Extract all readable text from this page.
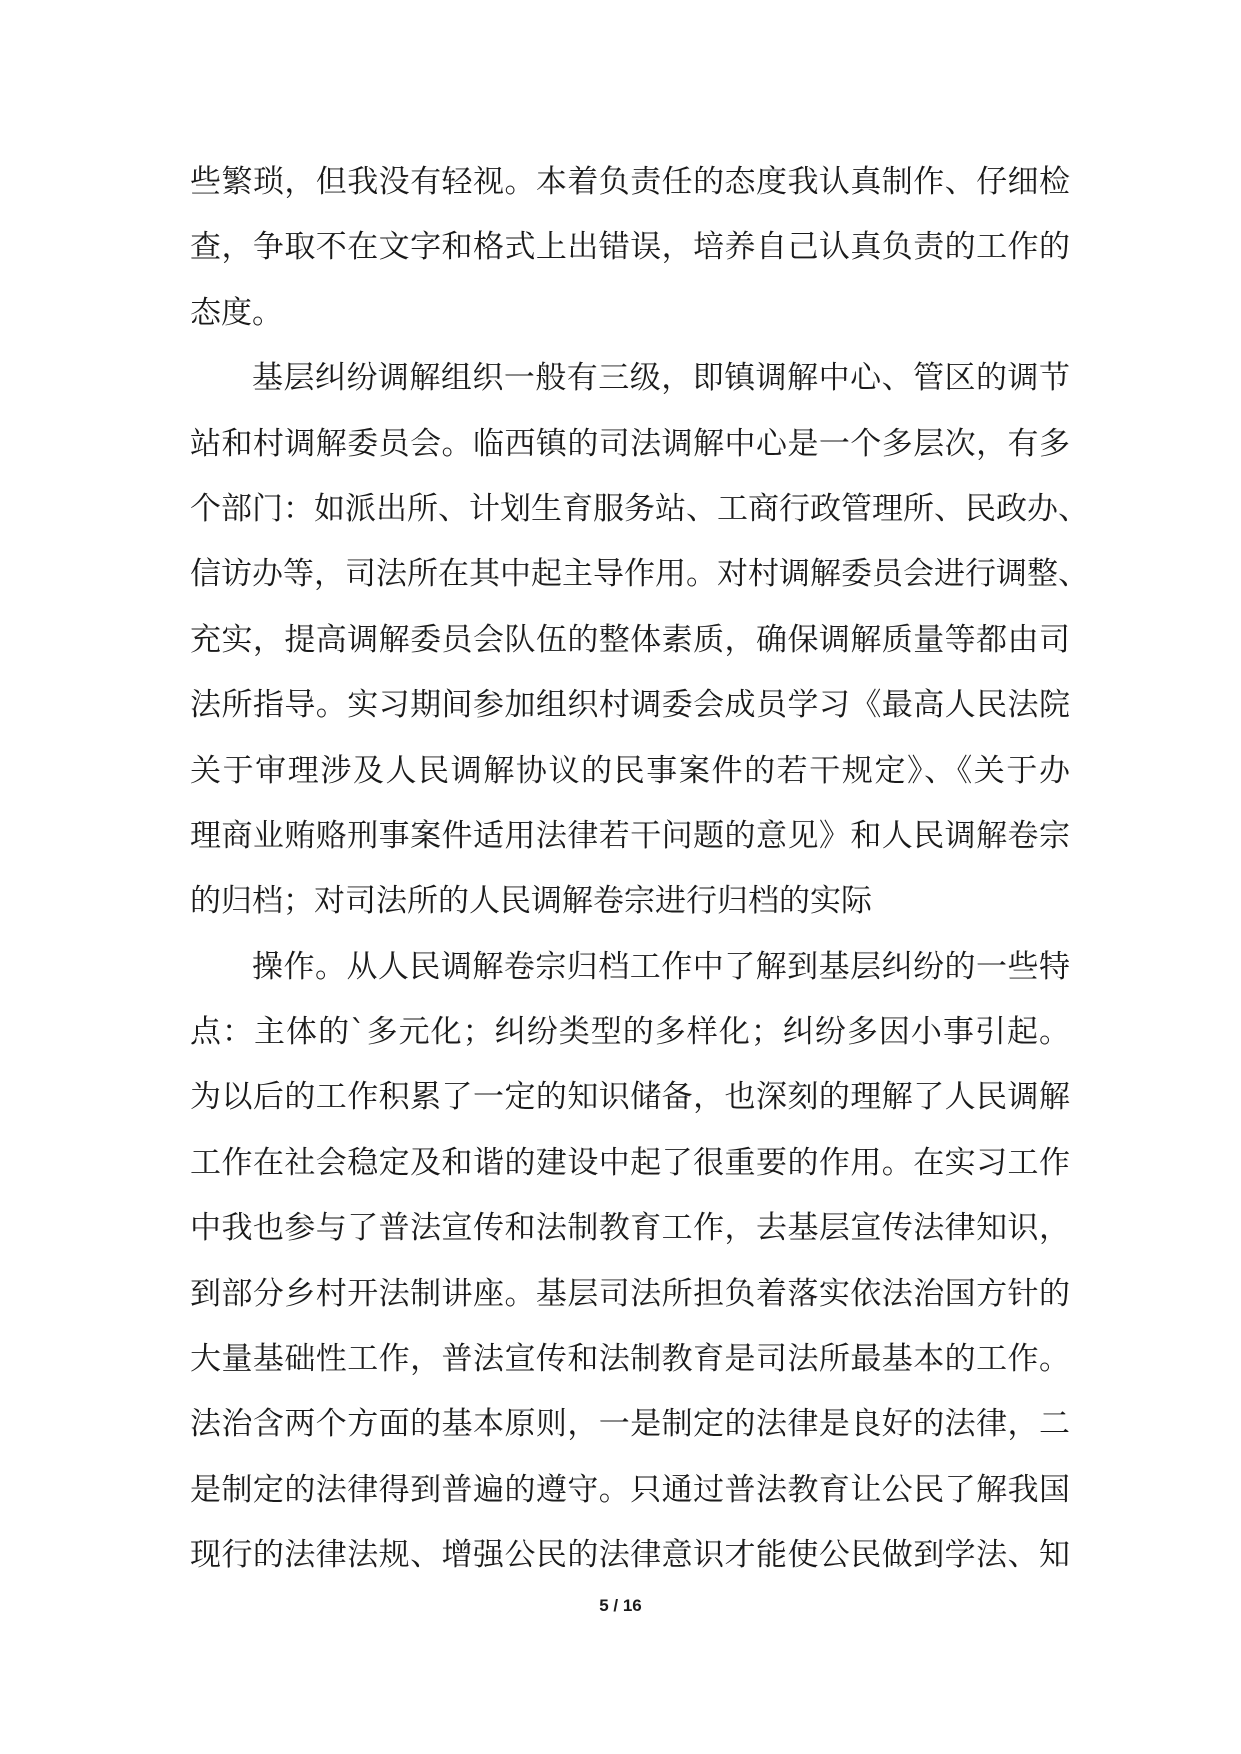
些繁琐，但我没有轻视。本着负责任的态度我认真制作、仔细检
查，争取不在文字和格式上出错误，培养自己认真负责的工作的
态度。
基层纠纷调解组织一般有三级，即镇调解中心、管区的调节
站和村调解委员会。临西镇的司法调解中心是一个多层次，有多
个部门：如派出所、计划生育服务站、工商行政管理所、民政办、
信访办等，司法所在其中起主导作用。对村调解委员会进行调整、
充实，提高调解委员会队伍的整体素质，确保调解质量等都由司
法所指导。实习期间参加组织村调委会成员学习《最高人民法院
关于审理涉及人民调解协议的民事案件的若干规定》、《关于办
理商业贿赂刑事案件适用法律若干问题的意见》和人民调解卷宗
的归档；对司法所的人民调解卷宗进行归档的实际
操作。从人民调解卷宗归档工作中了解到基层纠纷的一些特
点：主体的`多元化；纠纷类型的多样化；纠纷多因小事引起。
为以后的工作积累了一定的知识储备，也深刻的理解了人民调解
工作在社会稳定及和谐的建设中起了很重要的作用。在实习工作
中我也参与了普法宣传和法制教育工作，去基层宣传法律知识，
到部分乡村开法制讲座。基层司法所担负着落实依法治国方针的
大量基础性工作，普法宣传和法制教育是司法所最基本的工作。
法治含两个方面的基本原则，一是制定的法律是良好的法律，二
是制定的法律得到普遍的遵守。只通过普法教育让公民了解我国
现行的法律法规、增强公民的法律意识才能使公民做到学法、知
5 / 16
